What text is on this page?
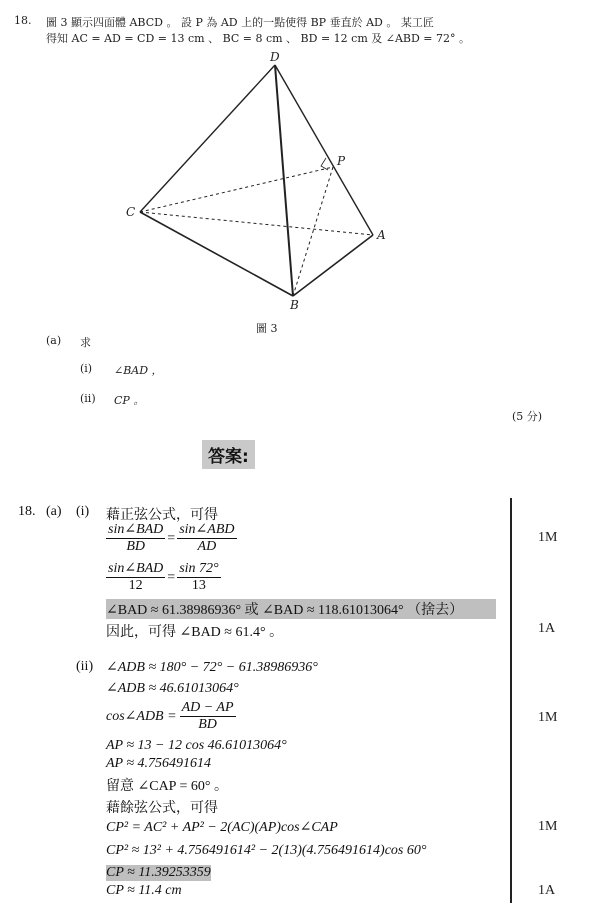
18. 圖 3 顯示四面體 ABCD 。 設 P 為 AD 上的一點使得 BP 垂直於 AD 。 某工匠
得知 AC = AD = CD = 13 cm 、 BC = 8 cm 、 BD = 12 cm 及 ∠ABD = 72° 。
D
P
C
A
B
圖 3
(a) 求
(i) ∠BAD ，
(ii) CP 。
(5 分)
答案:
18. (a) (i) 藉正弦公式，可得
$\frac{\text{sin∠BAD}}{BD} = \frac{\text{sin∠ABD}}{AD}$
$\frac{\text{sin∠BAD}}{12} = \frac{\sin 72^\circ}{13}$
∠BAD ≈ 61.38986936° 或 ∠BAD ≈ 118.61013064° （捨去）
因此，可得 ∠BAD ≈ 61.4° 。
(ii) ∠ADB ≈ 180° − 72° − 61.38986936°
∠ADB ≈ 46.61013064°
cos∠ADB = $\frac{AD - AP}{BD}$
AP ≈ 13 − 12 cos 46.61013064°
AP ≈ 4.756491614
留意 ∠CAP = 60° 。
藉餘弦公式，可得
CP² = AC² + AP² − 2(AC)(AP)cos∠CAP
CP² ≈ 13² + 4.756491614² − 2(13)(4.756491614)cos 60°
CP ≈ 11.39253359
CP ≈ 11.4 cm
1M
1A
1M
1M
1A
